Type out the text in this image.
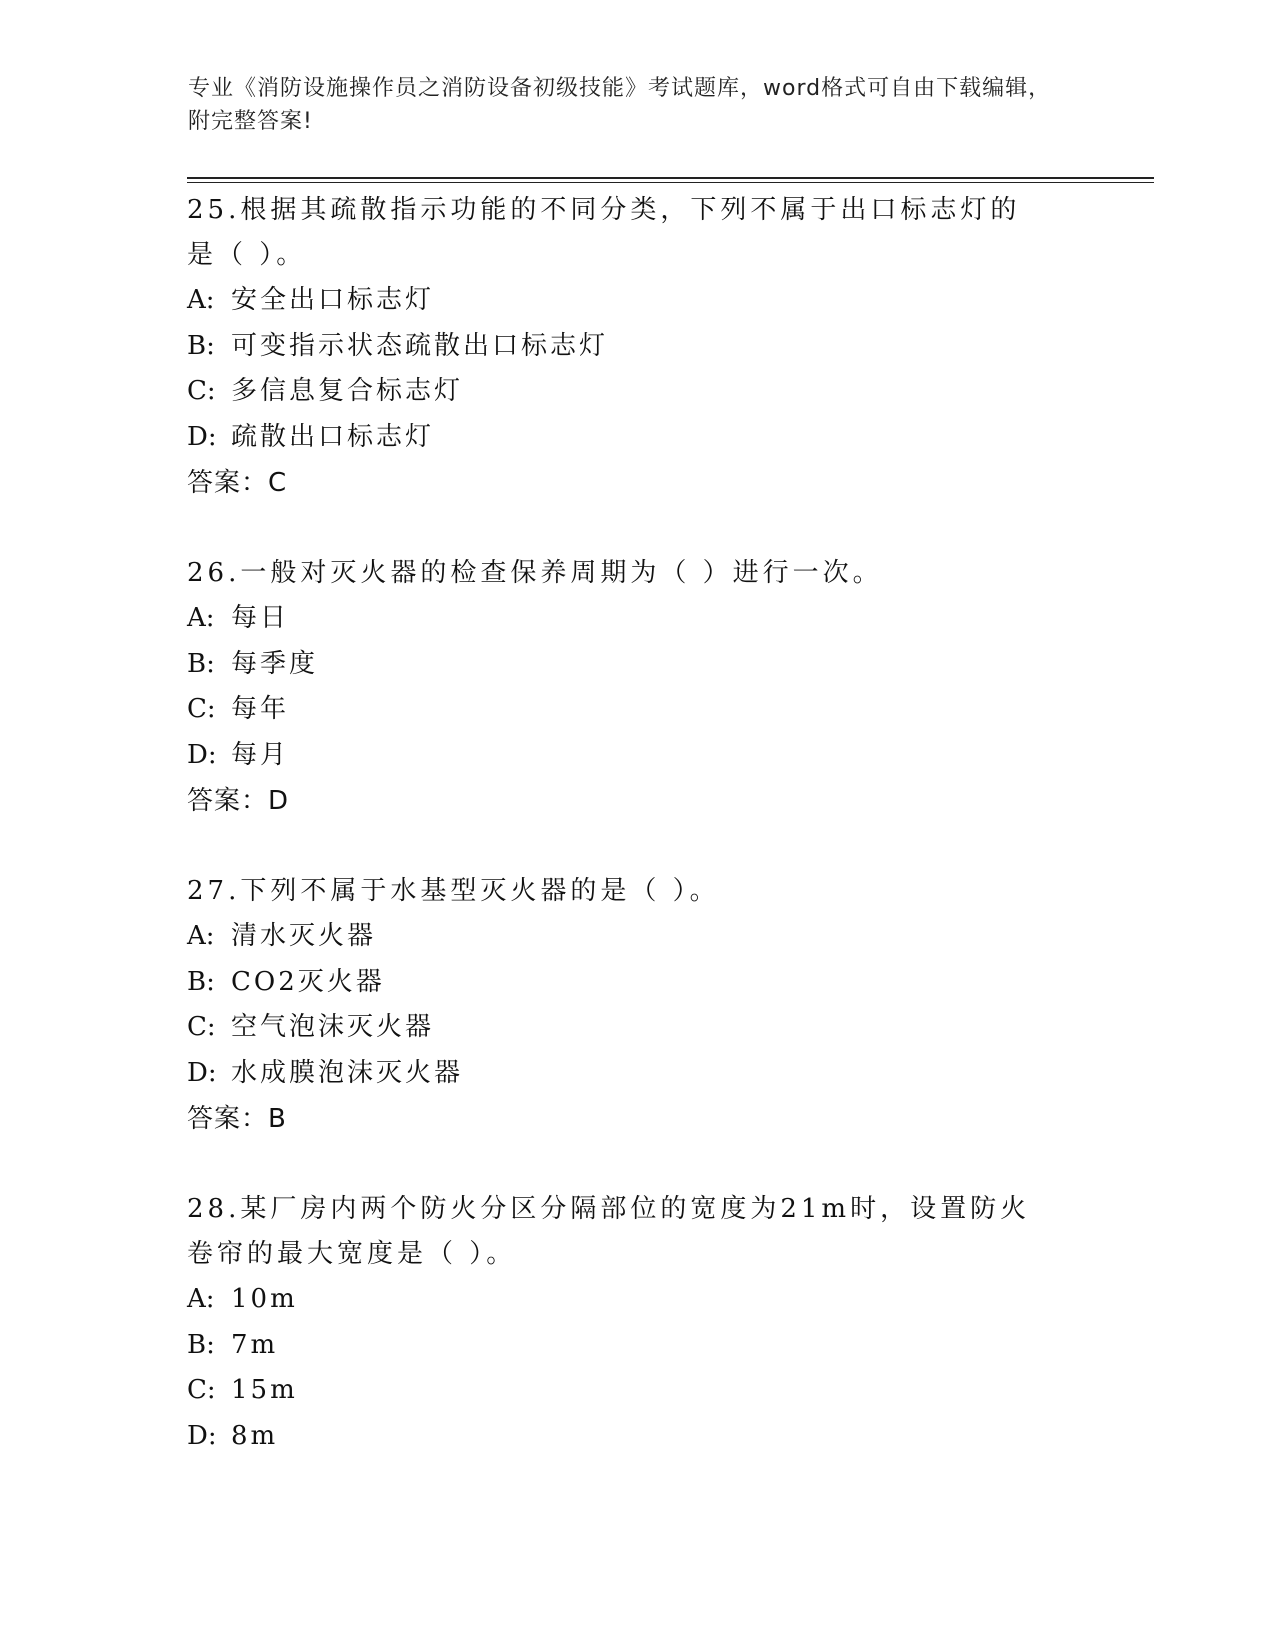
专业《消防设施操作员之消防设备初级技能》考试题库，word格式可自由下载编辑，附完整答案!
25.根据其疏散指示功能的不同分类，下列不属于出口标志灯的是（ ）。
A: 安全出口标志灯
B: 可变指示状态疏散出口标志灯
C: 多信息复合标志灯
D: 疏散出口标志灯
答案：C
26.一般对灭火器的检查保养周期为（ ）进行一次。
A: 每日
B: 每季度
C: 每年
D: 每月
答案：D
27.下列不属于水基型灭火器的是（ ）。
A: 清水灭火器
B: CO2灭火器
C: 空气泡沫灭火器
D: 水成膜泡沫灭火器
答案：B
28.某厂房内两个防火分区分隔部位的宽度为21m时，设置防火卷帘的最大宽度是（ ）。
A: 10m
B: 7m
C: 15m
D: 8m
